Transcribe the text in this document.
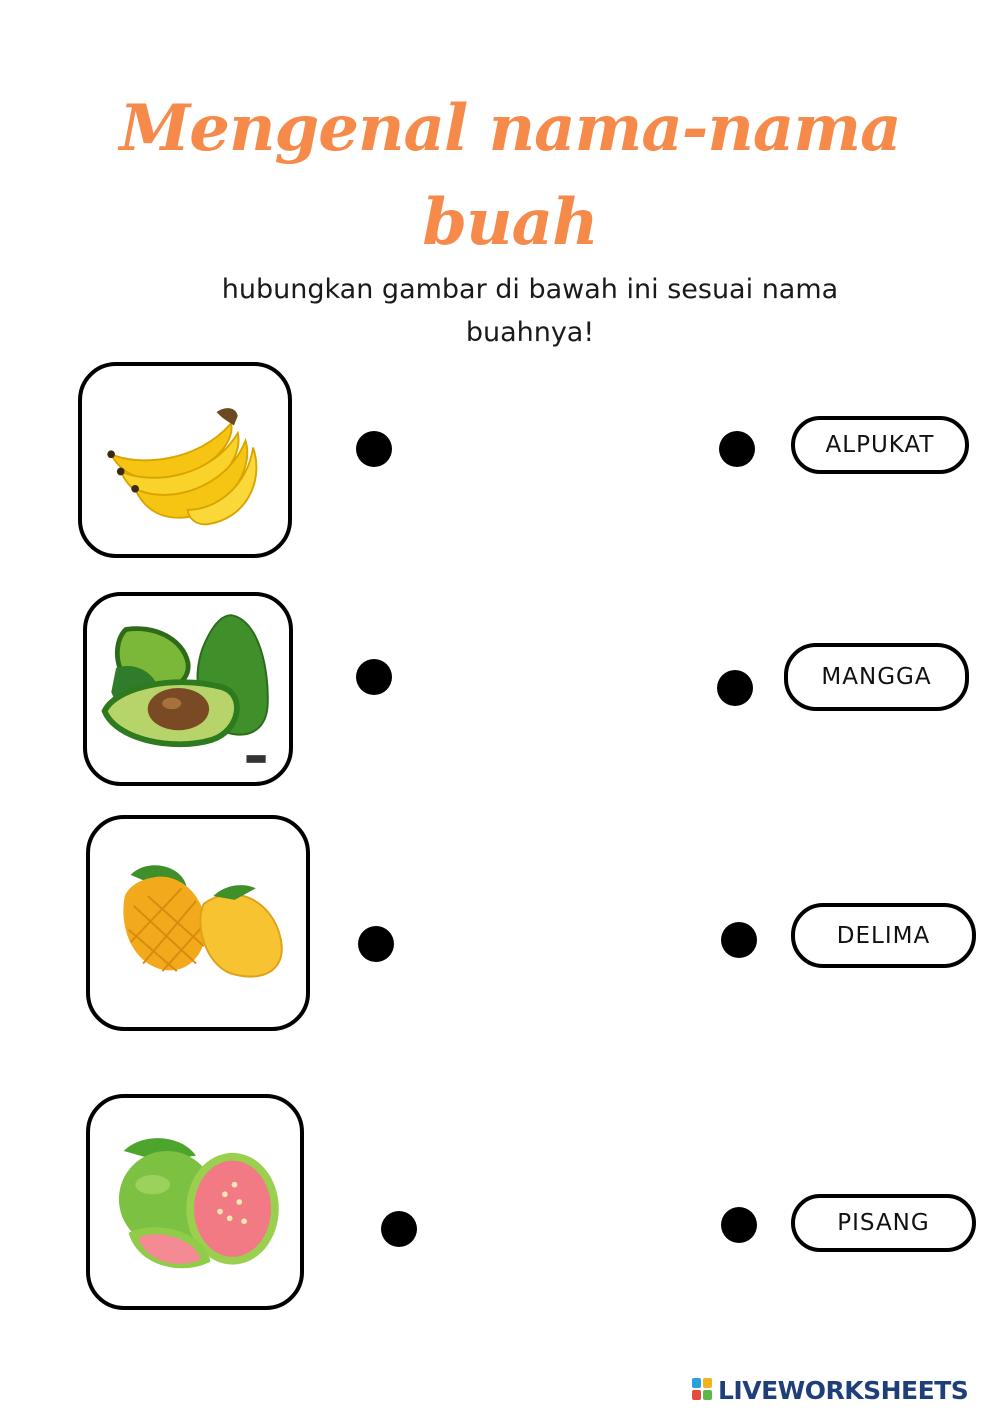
Mengenal nama-nama buah
hubungkan gambar di bawah ini sesuai nama buahnya!
ALPUKAT
MANGGA
DELIMA
PISANG
LIVEWORKSHEETS
